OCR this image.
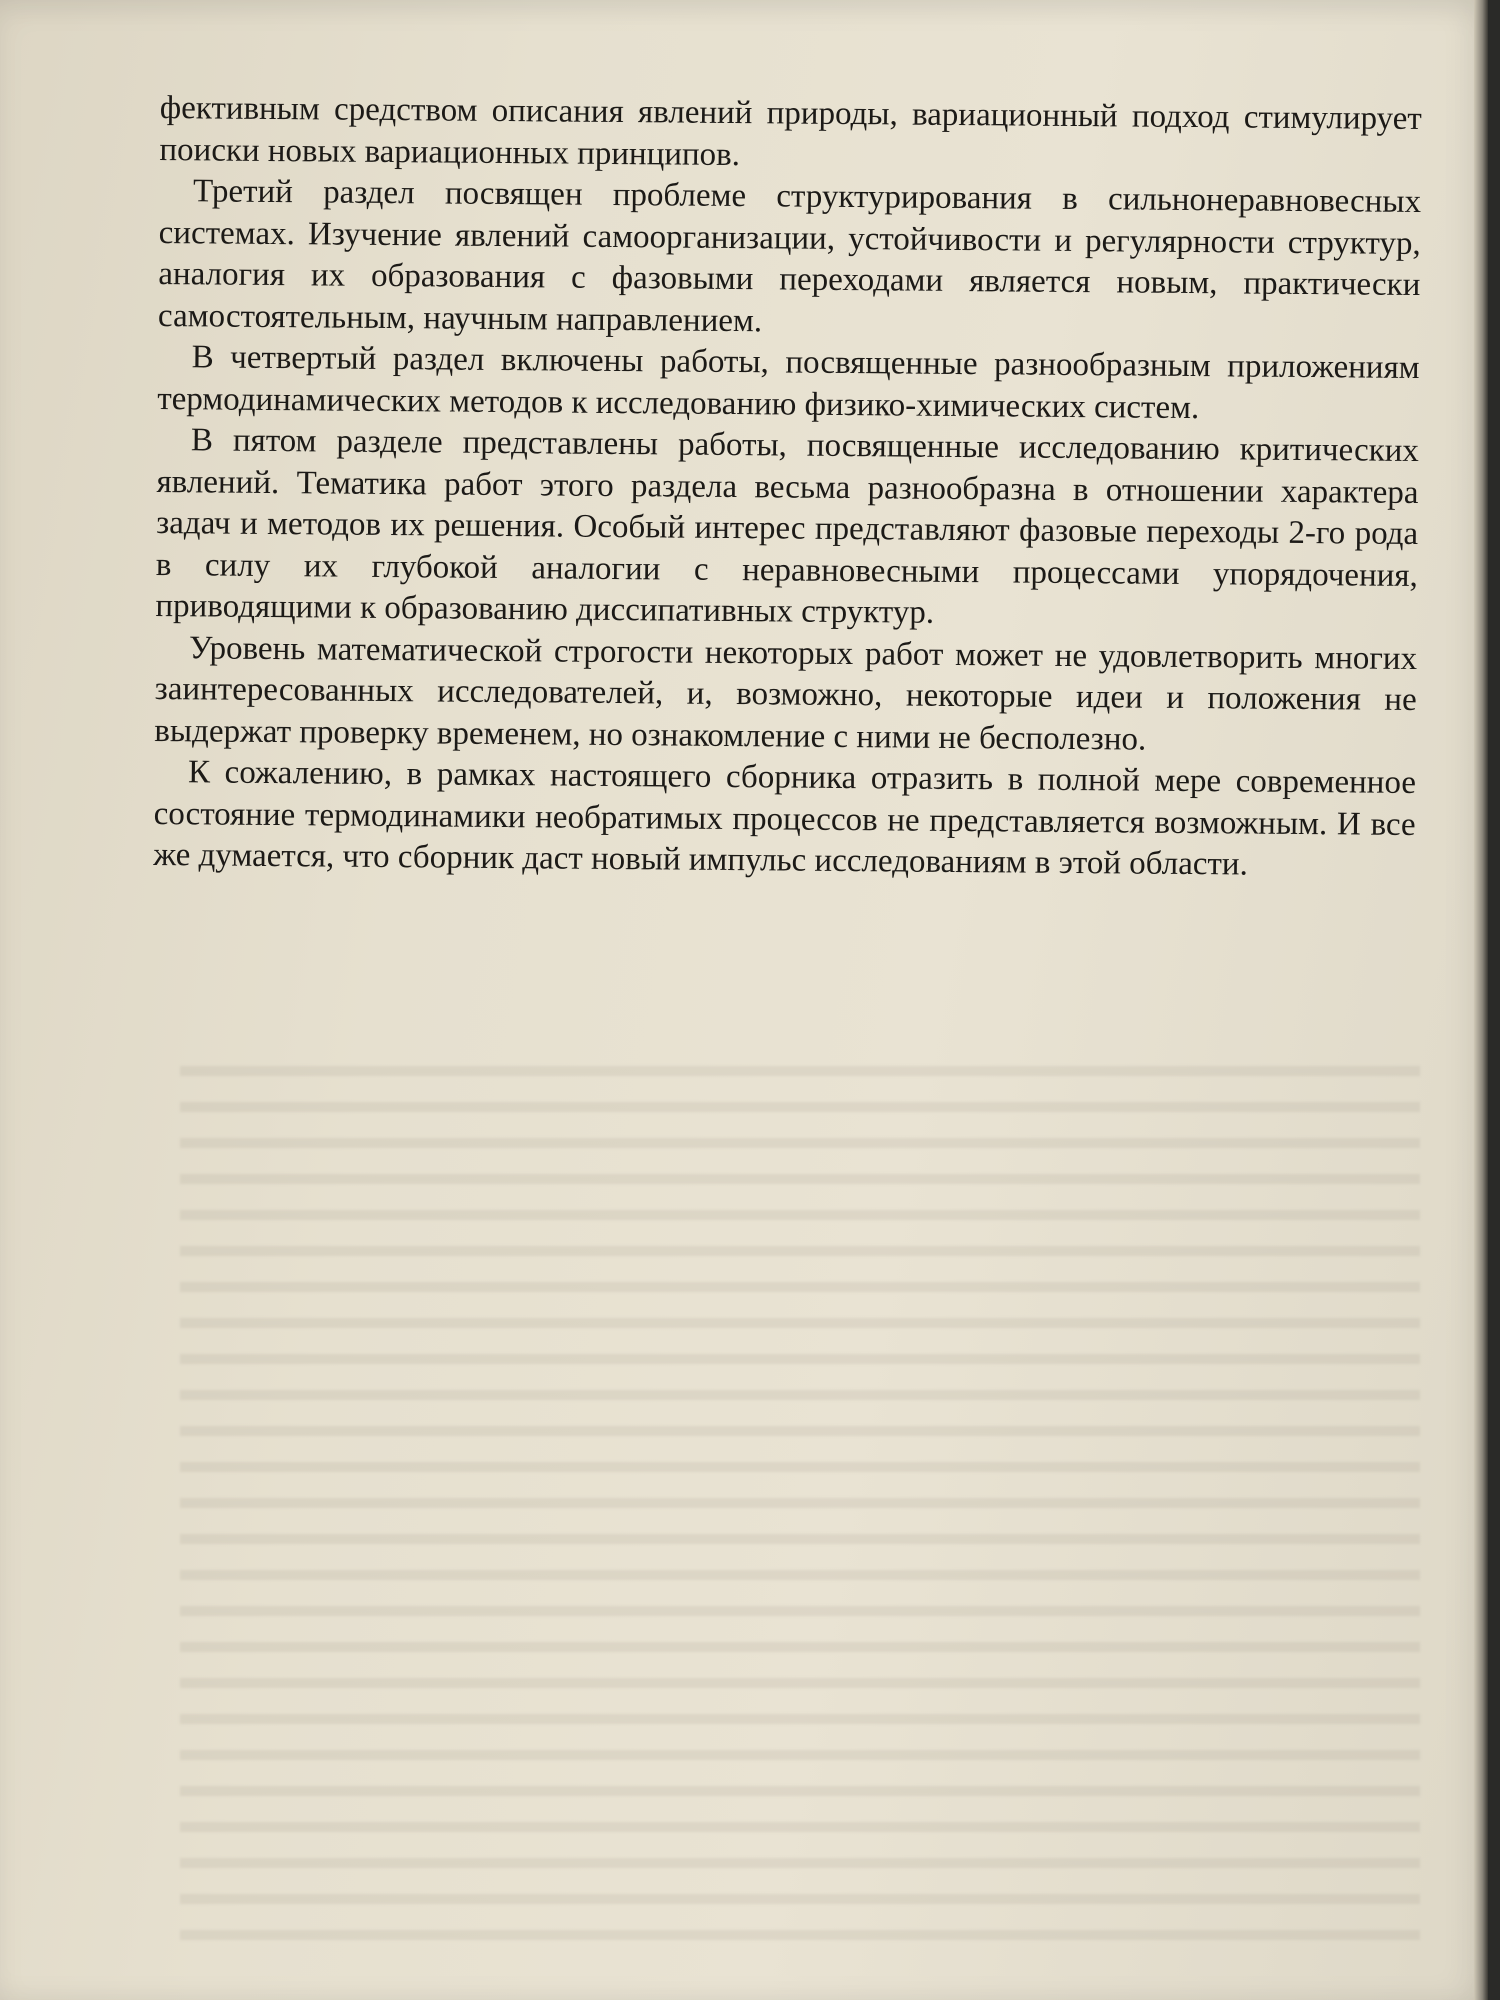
фективным средством описания явлений природы, вариационный подход стимулирует поиски новых вариационных принципов.

Третий раздел посвящен проблеме структурирования в сильнонеравновесных системах. Изучение явлений самоорганизации, устойчивости и регулярности структур, аналогия их образования с фазовыми переходами является новым, практически самостоятельным, научным направлением.

В четвертый раздел включены работы, посвященные разнообразным приложениям термодинамических методов к исследованию физико-химических систем.

В пятом разделе представлены работы, посвященные исследованию критических явлений. Тематика работ этого раздела весьма разнообразна в отношении характера задач и методов их решения. Особый интерес представляют фазовые переходы 2-го рода в силу их глубокой аналогии с неравновесными процессами упорядочения, приводящими к образованию диссипативных структур.

Уровень математической строгости некоторых работ может не удовлетворить многих заинтересованных исследователей, и, возможно, некоторые идеи и положения не выдержат проверку временем, но ознакомление с ними не бесполезно.

К сожалению, в рамках настоящего сборника отразить в полной мере современное состояние термодинамики необратимых процессов не представляется возможным. И все же думается, что сборник даст новый импульс исследованиям в этой области.
